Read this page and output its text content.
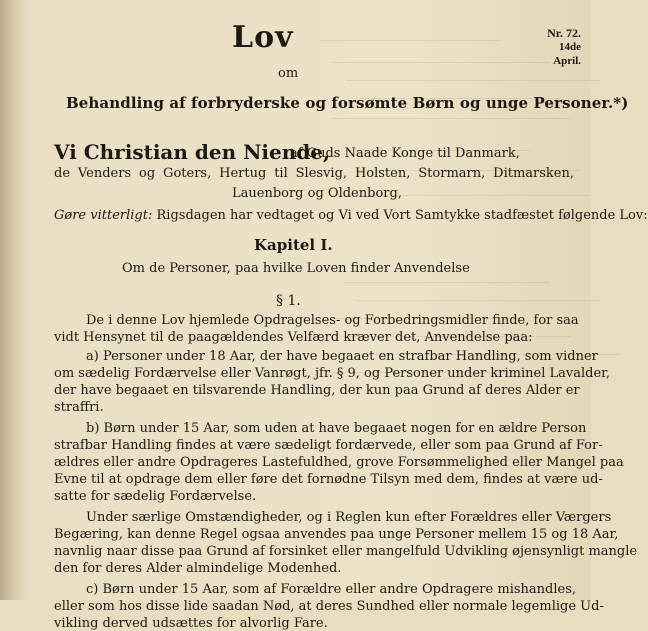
Lov	Nr. 72.
14de
April.
om
Behandling af forbryderske og forsømte Børn og unge Personer.*)
Vi Christian den Niende,
af Guds Naade Konge til Danmark,
de Venders og Goters, Hertug til Slesvig, Holsten, Stormarn, Ditmarsken,
Lauenborg og Oldenborg,
Gøre vitterligt: Rigsdagen har vedtaget og Vi ved Vort Samtykke stadfæstet følgende Lov:
Kapitel I.
Om de Personer, paa hvilke Loven finder Anvendelse
§ 1.
De i denne Lov hjemlede Opdragelses- og Forbedringsmidler finde, for saa
vidt Hensynet til de paagældendes Velfærd kræver det, Anvendelse paa:
a) Personer under 18 Aar, der have begaaet en strafbar Handling, som vidner
om sædelig Fordærvelse eller Vanrøgt, jfr. § 9, og Personer under kriminel Lavalder,
der have begaaet en tilsvarende Handling, der kun paa Grund af deres Alder er
straffri.
b) Børn under 15 Aar, som uden at have begaaet nogen for en ældre Person
strafbar Handling findes at være sædeligt fordærvede, eller som paa Grund af For-
ældres eller andre Opdrageres Lastefuldhed, grove Forsømmelighed eller Mangel paa
Evne til at opdrage dem eller føre det fornødne Tilsyn med dem, findes at være ud-
satte for sædelig Fordærvelse.
Under særlige Omstændigheder, og i Reglen kun efter Forældres eller Værgers
Begæring, kan denne Regel ogsaa anvendes paa unge Personer mellem 15 og 18 Aar,
navnlig naar disse paa Grund af forsinket eller mangelfuld Udvikling øjensynligt mangle
den for deres Alder almindelige Modenhed.
c) Børn under 15 Aar, som af Forældre eller andre Opdragere mishandles,
eller som hos disse lide saadan Nød, at deres Sundhed eller normale legemlige Ud-
vikling derved udsættes for alvorlig Fare.
